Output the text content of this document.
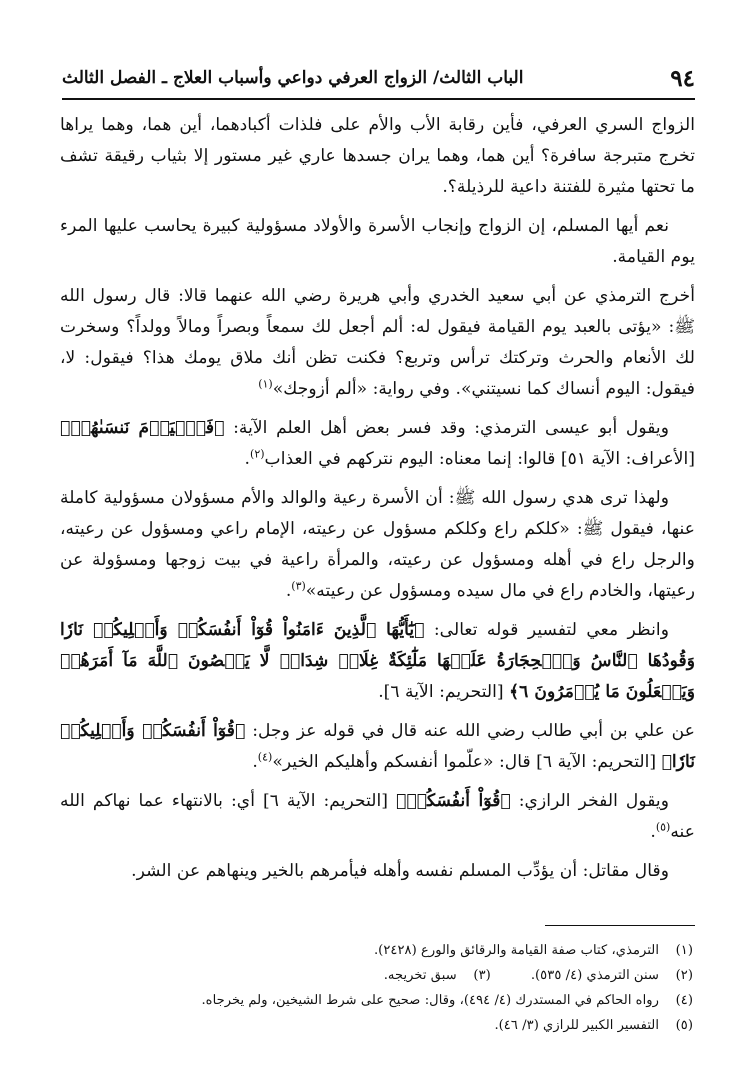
٩٤
الباب الثالث/ الزواج العرفي دواعي وأسباب العلاج ـ الفصل الثالث

الزواج السري العرفي، فأين رقابة الأب والأم على فلذات أكبادهما، أين هما، وهما يراها تخرج متبرجة سافرة؟ أين هما، وهما يران جسدها عاري غير مستور إلا بثياب رقيقة تشف ما تحتها مثيرة للفتنة داعية للرذيلة؟.

نعم أيها المسلم، إن الزواج وإنجاب الأسرة والأولاد مسؤولية كبيرة يحاسب عليها المرء يوم القيامة.

أخرج الترمذي عن أبي سعيد الخدري وأبي هريرة رضي الله عنهما قالا: قال رسول الله ﷺ: «يؤتى بالعبد يوم القيامة فيقول له: ألم أجعل لك سمعاً وبصراً ومالاً وولداً؟ وسخرت لك الأنعام والحرث وتركتك ترأس وتربع؟ فكنت تظن أنك ملاق يومك هذا؟ فيقول: لا، فيقول: اليوم أنساك كما نسيتني». وفي رواية: «ألم أزوجك»$^{(١)}$

ويقول أبو عيسى الترمذي: وقد فسر بعض أهل العلم الآية: ﴿فَٱلۡيَوۡمَ نَنسَىٰهُمۡ﴾ [الأعراف: الآية ٥١] قالوا: إنما معناه: اليوم نتركهم في العذاب$^{(٢)}$.

ولهذا ترى هدي رسول الله ﷺ: أن الأسرة رعية والوالد والأم مسؤولان مسؤولية كاملة عنها، فيقول ﷺ: «كلكم راع وكلكم مسؤول عن رعيته، الإمام راعي ومسؤول عن رعيته، والرجل راع في أهله ومسؤول عن رعيته، والمرأة راعية في بيت زوجها ومسؤولة عن رعيتها، والخادم راع في مال سيده ومسؤول عن رعيته»$^{(٣)}$.

وانظر معي لتفسير قوله تعالى: ﴿يَٰٓأَيُّهَا ٱلَّذِينَ ءَامَنُواْ قُوٓاْ أَنفُسَكُمۡ وَأَهۡلِيكُمۡ نَارٗا وَقُودُهَا ٱلنَّاسُ وَٱلۡحِجَارَةُ عَلَيۡهَا مَلَٰٓئِكَةٌ غِلَاظٞ شِدَادٞ لَّا يَعۡصُونَ ٱللَّهَ مَآ أَمَرَهُمۡ وَيَفۡعَلُونَ مَا يُؤۡمَرُونَ ٦﴾ [التحريم: الآية ٦].

عن علي بن أبي طالب رضي الله عنه قال في قوله عز وجل: ﴿قُوٓاْ أَنفُسَكُمۡ وَأَهۡلِيكُمۡ نَارٗا﴾ [التحريم: الآية ٦] قال: «علّموا أنفسكم وأهليكم الخير»$^{(٤)}$.

ويقول الفخر الرازي: ﴿قُوٓاْ أَنفُسَكُمۡ﴾ [التحريم: الآية ٦] أي: بالانتهاء عما نهاكم الله عنه$^{(٥)}$.

وقال مقاتل: أن يؤدِّب المسلم نفسه وأهله فيأمرهم بالخير وينهاهم عن الشر.

(١)
الترمذي، كتاب صفة القيامة والرقائق والورع (٢٤٢٨).
(٢)
سنن الترمذي (٤/ ٥٣٥).
(٣)
سبق تخريجه.
(٤)
رواه الحاكم في المستدرك (٤/ ٤٩٤)، وقال: صحيح على شرط الشيخين، ولم يخرجاه.
(٥)
التفسير الكبير للرازي (٣/ ٤٦).
